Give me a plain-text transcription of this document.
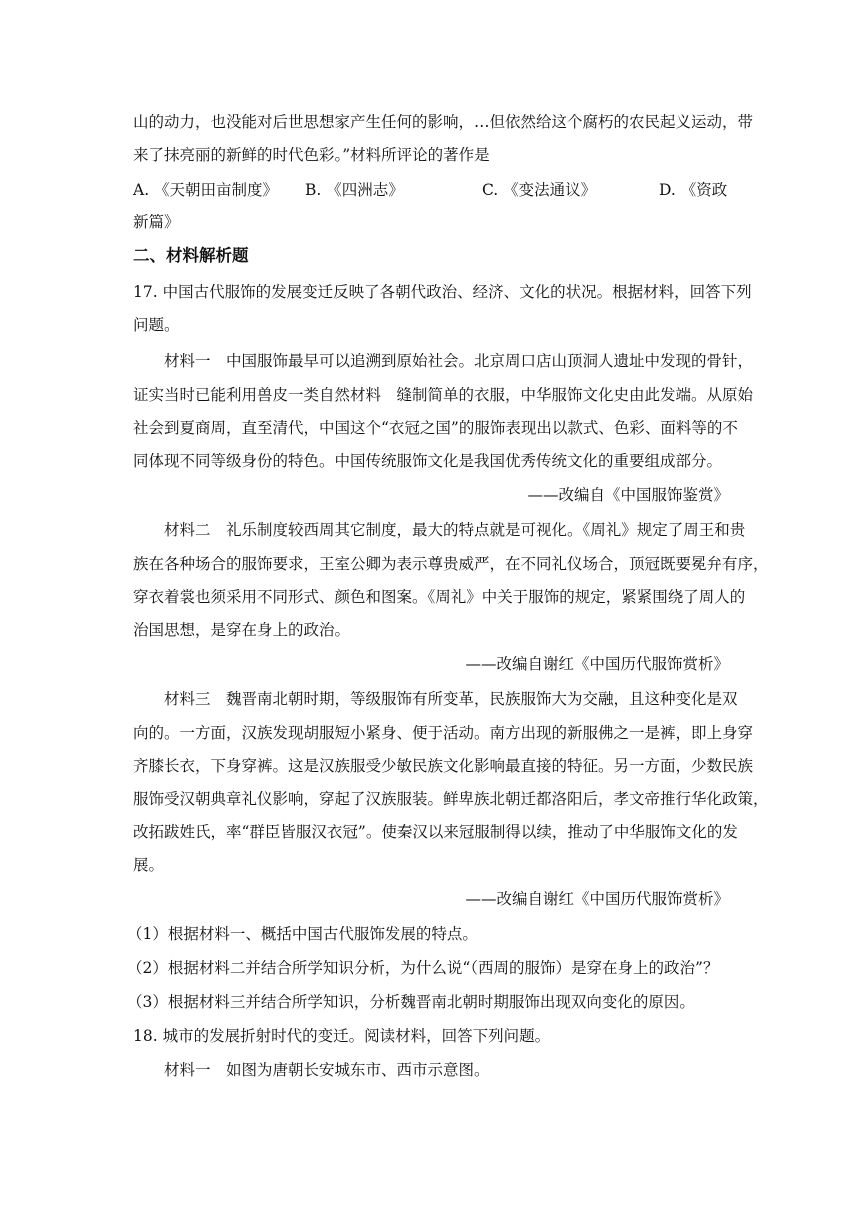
山的动力，也没能对后世思想家产生任何的影响，…但依然给这个腐朽的农民起义运动，带
来了抹亮丽的新鲜的时代色彩。”材料所评论的著作是
A. 《天朝田亩制度》 B. 《四洲志》	C. 《变法通议》	D. 《资政
新篇》
二、材料解析题
17. 中国古代服饰的发展变迁反映了各朝代政治、经济、文化的状况。根据材料，回答下列
问题。
材料一　中国服饰最早可以追溯到原始社会。北京周口店山顶洞人遗址中发现的骨针，
证实当时已能利用兽皮一类自然材料　缝制简单的衣服，中华服饰文化史由此发端。从原始
社会到夏商周，直至清代，中国这个“衣冠之国”的服饰表现出以款式、色彩、面料等的不
同体现不同等级身份的特色。中国传统服饰文化是我国优秀传统文化的重要组成部分。
——改编自《中国服饰鉴赏》
材料二　礼乐制度较西周其它制度，最大的特点就是可视化。《周礼》规定了周王和贵
族在各种场合的服饰要求，王室公卿为表示尊贵威严，在不同礼仪场合，顶冠既要冕弁有序，
穿衣着裳也须采用不同形式、颜色和图案。《周礼》中关于服饰的规定，紧紧围绕了周人的
治国思想，是穿在身上的政治。
——改编自谢红《中国历代服饰赏析》
材料三　魏晋南北朝时期，等级服饰有所变革，民族服饰大为交融，且这种变化是双
向的。一方面，汉族发现胡服短小紧身、便于活动。南方出现的新服佛之一是裤，即上身穿
齐膝长衣，下身穿裤。这是汉族服受少敏民族文化影响最直接的特征。另一方面，少数民族
服饰受汉朝典章礼仪影响，穿起了汉族服装。鲜卑族北朝迁都洛阳后，孝文帝推行华化政策，
改拓跋姓氏，率“群臣皆服汉衣冠”。使秦汉以来冠服制得以续，推动了中华服饰文化的发
展。
——改编自谢红《中国历代服饰赏析》
（1）根据材料一、概括中国古代服饰发展的特点。
（2）根据材料二并结合所学知识分析，为什么说“（西周的服饰）是穿在身上的政治”？
（3）根据材料三并结合所学知识，分析魏晋南北朝时期服饰出现双向变化的原因。
18. 城市的发展折射时代的变迁。阅读材料，回答下列问题。
材料一　如图为唐朝长安城东市、西市示意图。
